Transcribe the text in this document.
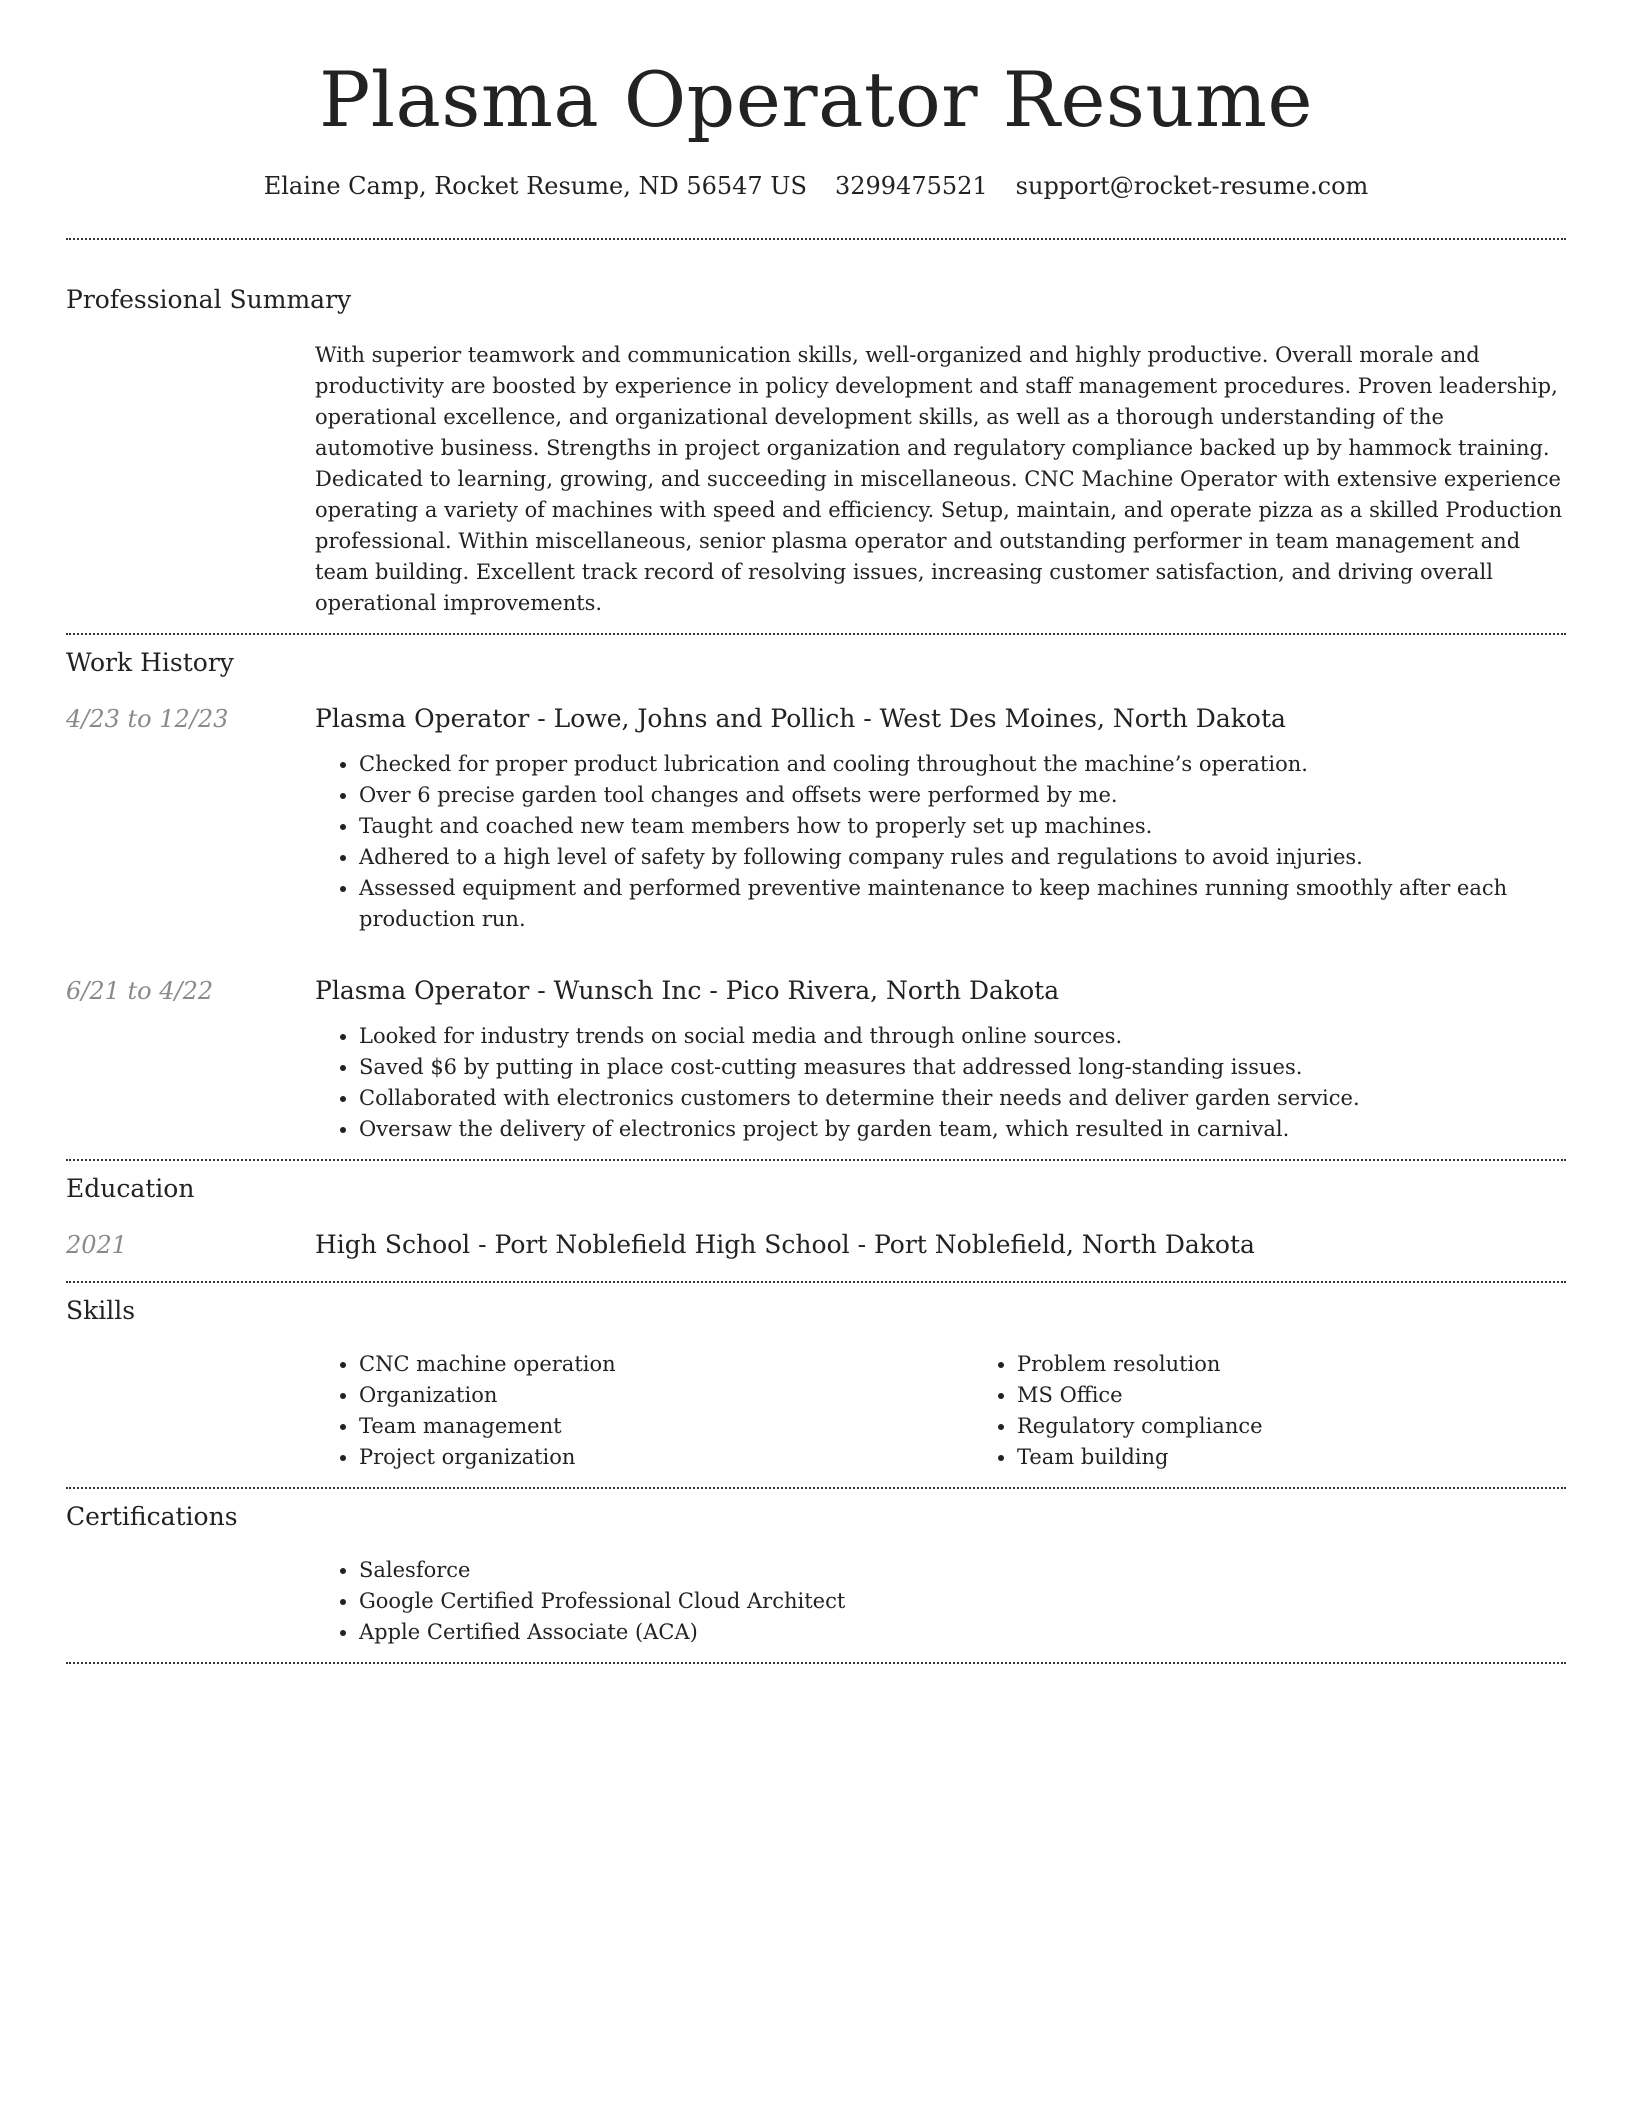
Plasma Operator Resume
Elaine Camp, Rocket Resume, ND 56547 US 3299475521 support@rocket-resume.com
Professional Summary
With superior teamwork and communication skills, well-organized and highly productive. Overall morale and productivity are boosted by experience in policy development and staff management procedures. Proven leadership, operational excellence, and organizational development skills, as well as a thorough understanding of the automotive business. Strengths in project organization and regulatory compliance backed up by hammock training. Dedicated to learning, growing, and succeeding in miscellaneous. CNC Machine Operator with extensive experience operating a variety of machines with speed and efficiency. Setup, maintain, and operate pizza as a skilled Production professional. Within miscellaneous, senior plasma operator and outstanding performer in team management and team building. Excellent track record of resolving issues, increasing customer satisfaction, and driving overall operational improvements.
Work History
4/23 to 12/23	Plasma Operator - Lowe, Johns and Pollich - West Des Moines, North Dakota
• Checked for proper product lubrication and cooling throughout the machine’s operation.
• Over 6 precise garden tool changes and offsets were performed by me.
• Taught and coached new team members how to properly set up machines.
• Adhered to a high level of safety by following company rules and regulations to avoid injuries.
• Assessed equipment and performed preventive maintenance to keep machines running smoothly after each production run.
6/21 to 4/22	Plasma Operator - Wunsch Inc - Pico Rivera, North Dakota
• Looked for industry trends on social media and through online sources.
• Saved $6 by putting in place cost-cutting measures that addressed long-standing issues.
• Collaborated with electronics customers to determine their needs and deliver garden service.
• Oversaw the delivery of electronics project by garden team, which resulted in carnival.
Education
2021	High School - Port Noblefield High School - Port Noblefield, North Dakota
Skills
• CNC machine operation
• Organization
• Team management
• Project organization
• Problem resolution
• MS Office
• Regulatory compliance
• Team building
Certifications
• Salesforce
• Google Certified Professional Cloud Architect
• Apple Certified Associate (ACA)
